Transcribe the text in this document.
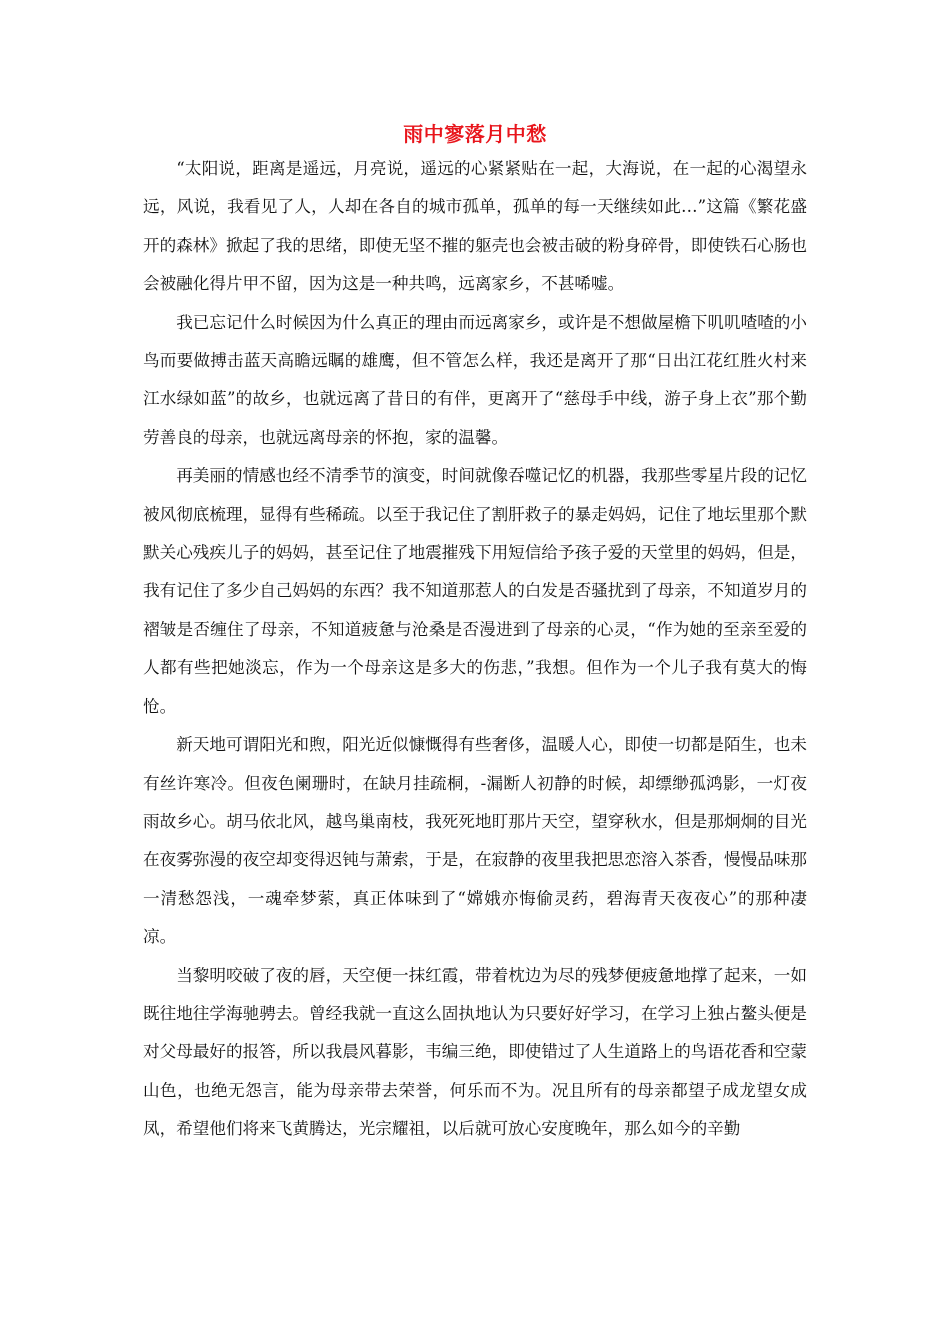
雨中寥落月中愁

“太阳说，距离是遥远，月亮说，遥远的心紧紧贴在一起，大海说，在一起的心渴望永远，风说，我看见了人，人却在各自的城市孤单，孤单的每一天继续如此…”这篇《繁花盛开的森林》掀起了我的思绪，即使无坚不摧的躯壳也会被击破的粉身碎骨，即使铁石心肠也会被融化得片甲不留，因为这是一种共鸣，远离家乡，不甚唏嘘。

我已忘记什么时候因为什么真正的理由而远离家乡，或许是不想做屋檐下叽叽喳喳的小鸟而要做搏击蓝天高瞻远瞩的雄鹰，但不管怎么样，我还是离开了那“日出江花红胜火村来江水绿如蓝”的故乡，也就远离了昔日的有伴，更离开了“慈母手中线，游子身上衣”那个勤劳善良的母亲，也就远离母亲的怀抱，家的温馨。

再美丽的情感也经不清季节的演变，时间就像吞噬记忆的机器，我那些零星片段的记忆被风彻底梳理，显得有些稀疏。以至于我记住了割肝救子的暴走妈妈，记住了地坛里那个默默关心残疾儿子的妈妈，甚至记住了地震摧残下用短信给予孩子爱的天堂里的妈妈，但是，我有记住了多少自己妈妈的东西？我不知道那惹人的白发是否骚扰到了母亲，不知道岁月的褶皱是否缠住了母亲，不知道疲惫与沧桑是否漫进到了母亲的心灵，“作为她的至亲至爱的人都有些把她淡忘，作为一个母亲这是多大的伤悲，”我想。但作为一个儿子我有莫大的悔怆。

新天地可谓阳光和煦，阳光近似慷慨得有些奢侈，温暖人心，即使一切都是陌生，也未有丝许寒冷。但夜色阑珊时，在缺月挂疏桐，-漏断人初静的时候，却缥缈孤鸿影，一灯夜雨故乡心。胡马依北风，越鸟巢南枝，我死死地盯那片天空，望穿秋水，但是那炯炯的目光在夜雾弥漫的夜空却变得迟钝与萧索，于是，在寂静的夜里我把思恋溶入茶香，慢慢品味那一清愁怨浅，一魂牵梦萦，真正体味到了“嫦娥亦悔偷灵药，碧海青天夜夜心”的那种凄凉。

当黎明咬破了夜的唇，天空便一抹红霞，带着枕边为尽的残梦便疲惫地撑了起来，一如既往地往学海驰骋去。曾经我就一直这么固执地认为只要好好学习，在学习上独占鳌头便是对父母最好的报答，所以我晨风暮影，韦编三绝，即使错过了人生道路上的鸟语花香和空蒙山色，也绝无怨言，能为母亲带去荣誉，何乐而不为。况且所有的母亲都望子成龙望女成凤，希望他们将来飞黄腾达，光宗耀祖，以后就可放心安度晚年，那么如今的辛勤
